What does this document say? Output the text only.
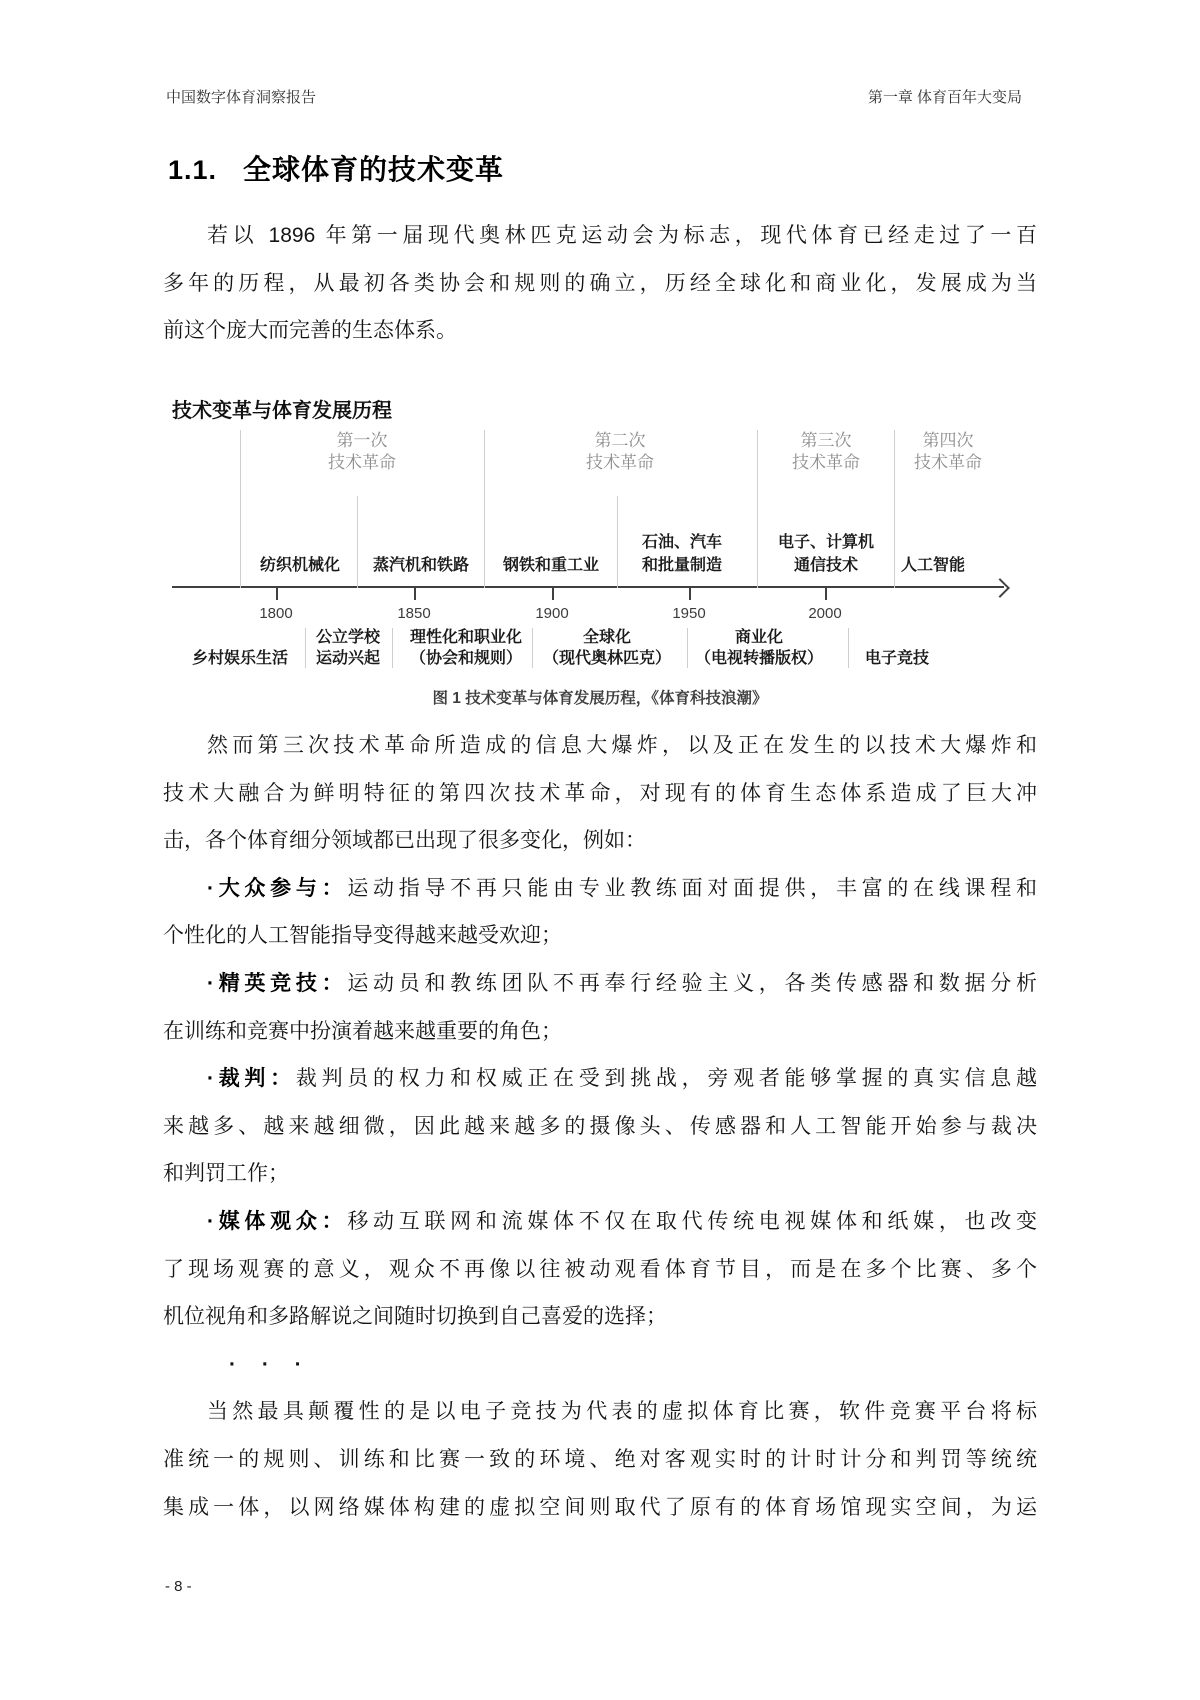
中国数字体育洞察报告	第一章 体育百年大变局
1.1. 全球体育的技术变革
若以 1896 年第一届现代奥林匹克运动会为标志，现代体育已经走过了一百
多年的历程，从最初各类协会和规则的确立，历经全球化和商业化，发展成为当
前这个庞大而完善的生态体系。
技术变革与体育发展历程
第一次
技术革命
第二次
技术革命
第三次
技术革命
第四次
技术革命
纺织机械化	蒸汽机和铁路	钢铁和重工业
石油、汽车
和批量制造
电子、计算机
通信技术	人工智能
乡村娱乐生活
公立学校
运动兴起
理性化和职业化
（协会和规则）
全球化
（现代奥林匹克）
商业化
（电视转播版权）	电子竞技
1800	1850	1900	1950	2000
图 1 技术变革与体育发展历程，《体育科技浪潮》
然而第三次技术革命所造成的信息大爆炸，以及正在发生的以技术大爆炸和
技术大融合为鲜明特征的第四次技术革命，对现有的体育生态体系造成了巨大冲
击，各个体育细分领域都已出现了很多变化，例如：
·大众参与：运动指导不再只能由专业教练面对面提供，丰富的在线课程和
个性化的人工智能指导变得越来越受欢迎；
·精英竞技：运动员和教练团队不再奉行经验主义，各类传感器和数据分析
在训练和竞赛中扮演着越来越重要的角色；
·裁判：裁判员的权力和权威正在受到挑战，旁观者能够掌握的真实信息越
来越多、越来越细微，因此越来越多的摄像头、传感器和人工智能开始参与裁决
和判罚工作；
·媒体观众：移动互联网和流媒体不仅在取代传统电视媒体和纸媒，也改变
了现场观赛的意义，观众不再像以往被动观看体育节目，而是在多个比赛、多个
机位视角和多路解说之间随时切换到自己喜爱的选择；
· · ·
当然最具颠覆性的是以电子竞技为代表的虚拟体育比赛，软件竞赛平台将标
准统一的规则、训练和比赛一致的环境、绝对客观实时的计时计分和判罚等统统
集成一体，以网络媒体构建的虚拟空间则取代了原有的体育场馆现实空间，为运
- 8 -
